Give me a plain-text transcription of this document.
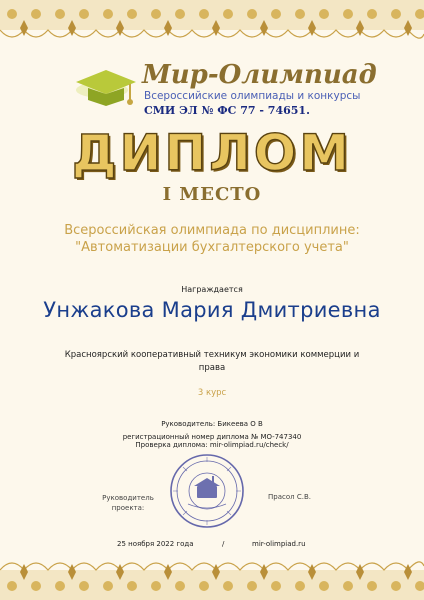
Мир-Олимпиад
Всероссийские олимпиады и конкурсы
СМИ ЭЛ № ФС 77 - 74651.
ДИПЛОМ
I МЕСТО
Всероссийская олимпиада по дисциплине:
"Автоматизации бухгалтерского учета"
Награждается
Унжакова Мария Дмитриевна
Красноярский кооперативный техникум экономики коммерции и права
3 курс
Руководитель: Бикеева О В
регистрационный номер диплома № МО-747340
Проверка диплома: mir-olimpiad.ru/check/
Руководитель проекта:
Прасол С.В.
25 ноября 2022 года	/	mir-olimpiad.ru
